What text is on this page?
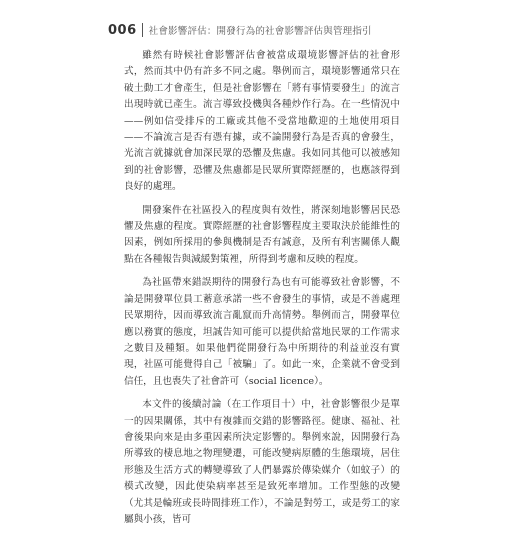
006 社會影響評估：開發行為的社會影響評估與管理指引

雖然有時候社會影響評估會被當成環境影響評估的社會形式，然而其中仍有許多不同之處。舉例而言，環境影響通常只在破土動工才會產生，但是社會影響在「將有事情要發生」的流言出現時就已產生。流言導致投機與各種炒作行為。在一些情況中——例如信受排斥的工廠或其他不受當地歡迎的土地使用項目——不論流言是否有憑有據，或不論開發行為是否真的會發生，光流言就據就會加深民眾的恐懼及焦慮。我如同其他可以被感知到的社會影響，恐懼及焦慮都是民眾所實際經歷的，也應該得到良好的處理。

開發案件在社區投入的程度與有效性，將深刻地影響居民恐懼及焦慮的程度。實際經歷的社會影響程度主要取決於能維性的因素，例如所採用的參與機制是否有誠意，及所有利害關係人觀點在各種報告與減緩對策裡，所得到考慮和反映的程度。

為社區帶來錯誤期待的開發行為也有可能導致社會影響，不論是開發單位員工蓄意承諾一些不會發生的事情，或是不善處理民眾期待，因而導致流言亂竄而升高情勢。舉例而言，開發單位應以務實的態度，坦誠告知可能可以提供給當地民眾的工作需求之數目及種類。如果他們從開發行為中所期待的利益並沒有實現，社區可能覺得自己「被騙」了。如此一來，企業就不會受到信任，且也喪失了社會許可（social licence）。

本文件的後續討論（在工作項目十）中，社會影響很少是單一的因果關係，其中有複雜而交錯的影響路徑。健康、福祉、社會後果向來是由多重因素所決定影響的。舉例來說，因開發行為所導致的棲息地之物理變遷，可能改變病原體的生態環境，居住形態及生活方式的轉變導致了人們暴露於傳染媒介（如蚊子）的模式改變，因此使染病率甚至是致死率增加。工作型態的改變（尤其是輪班或長時間排班工作），不論是對勞工，或是勞工的家屬與小孩，皆可
